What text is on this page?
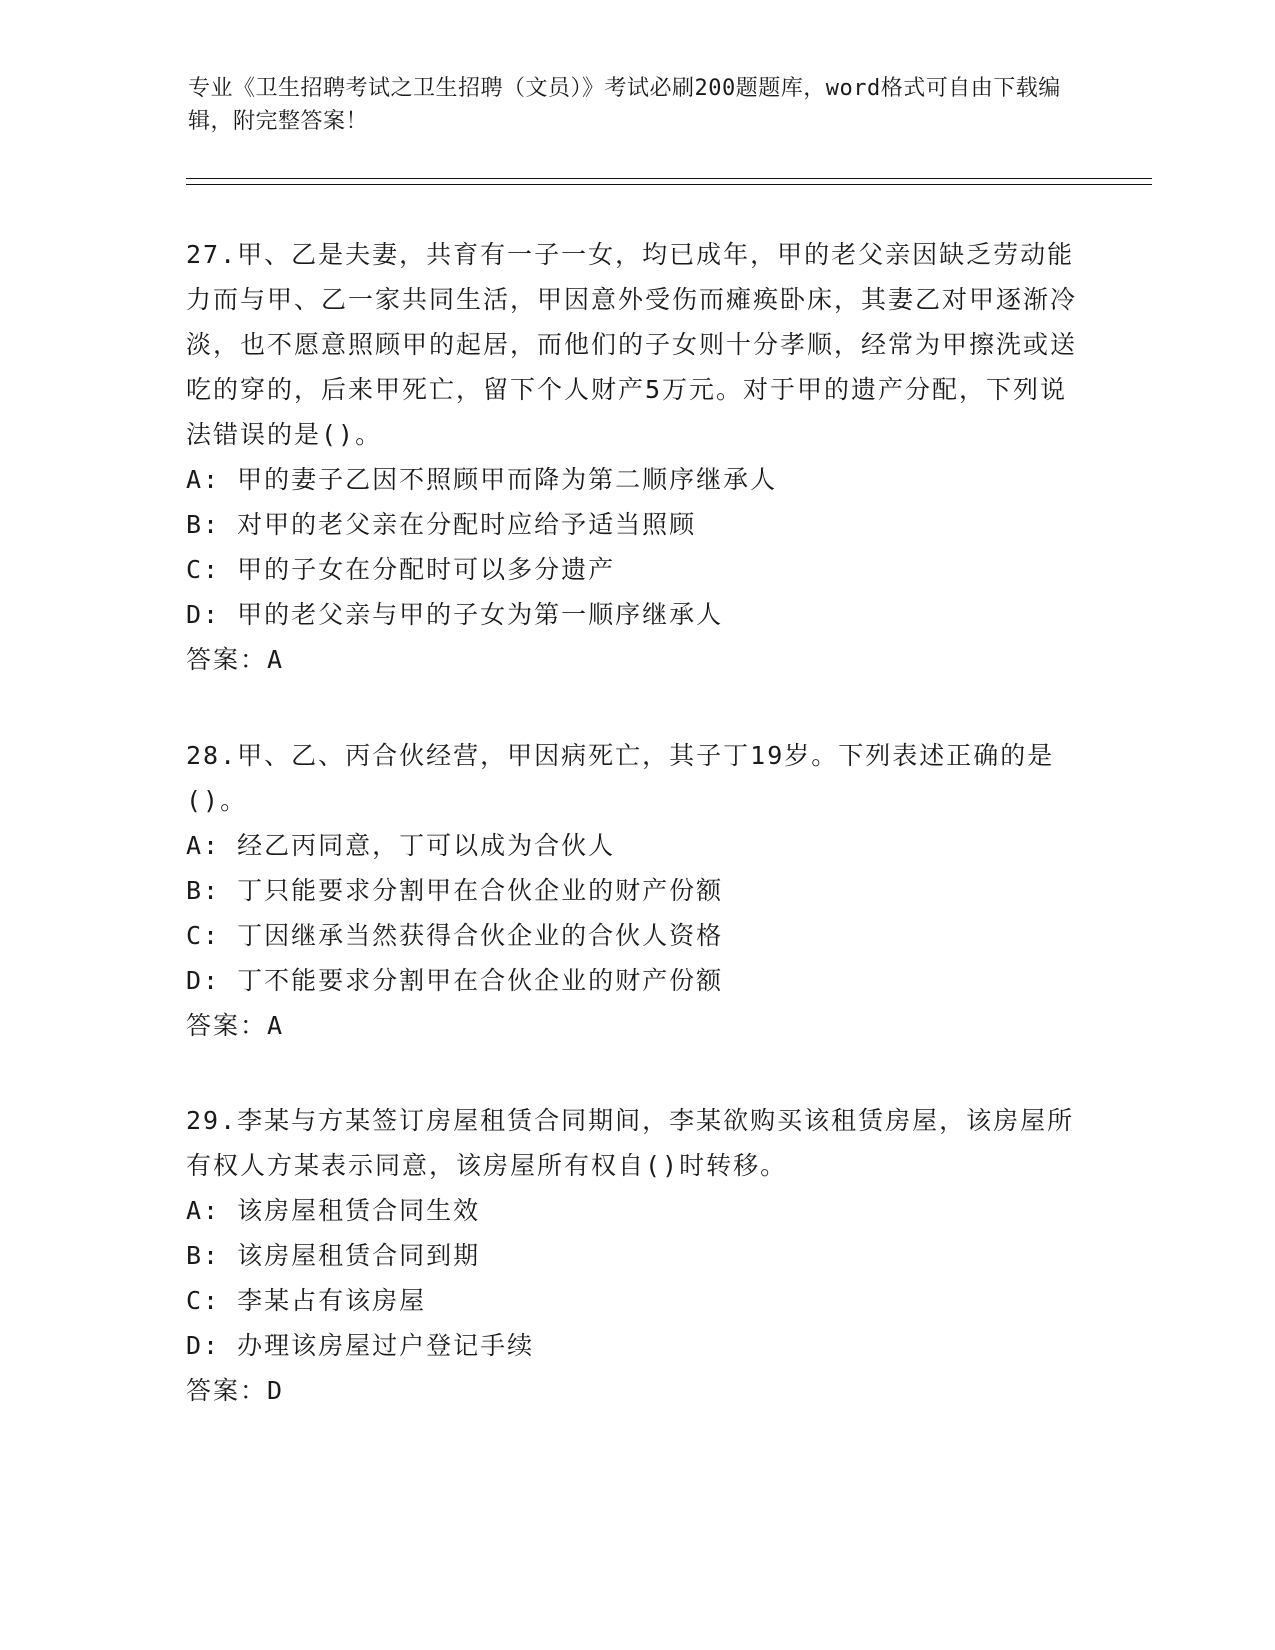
专业《卫生招聘考试之卫生招聘（文员）》考试必刷200题题库，word格式可自由下载编辑，附完整答案！

27.甲、乙是夫妻，共育有一子一女，均已成年，甲的老父亲因缺乏劳动能力而与甲、乙一家共同生活，甲因意外受伤而瘫痪卧床，其妻乙对甲逐渐冷淡，也不愿意照顾甲的起居，而他们的子女则十分孝顺，经常为甲擦洗或送吃的穿的，后来甲死亡，留下个人财产5万元。对于甲的遗产分配，下列说法错误的是()。

A: 甲的妻子乙因不照顾甲而降为第二顺序继承人

B: 对甲的老父亲在分配时应给予适当照顾

C: 甲的子女在分配时可以多分遗产

D: 甲的老父亲与甲的子女为第一顺序继承人

答案：A

28.甲、乙、丙合伙经营，甲因病死亡，其子丁19岁。下列表述正确的是()。

A: 经乙丙同意，丁可以成为合伙人

B: 丁只能要求分割甲在合伙企业的财产份额

C: 丁因继承当然获得合伙企业的合伙人资格

D: 丁不能要求分割甲在合伙企业的财产份额

答案：A

29.李某与方某签订房屋租赁合同期间，李某欲购买该租赁房屋，该房屋所有权人方某表示同意，该房屋所有权自()时转移。

A: 该房屋租赁合同生效

B: 该房屋租赁合同到期

C: 李某占有该房屋

D: 办理该房屋过户登记手续

答案：D
